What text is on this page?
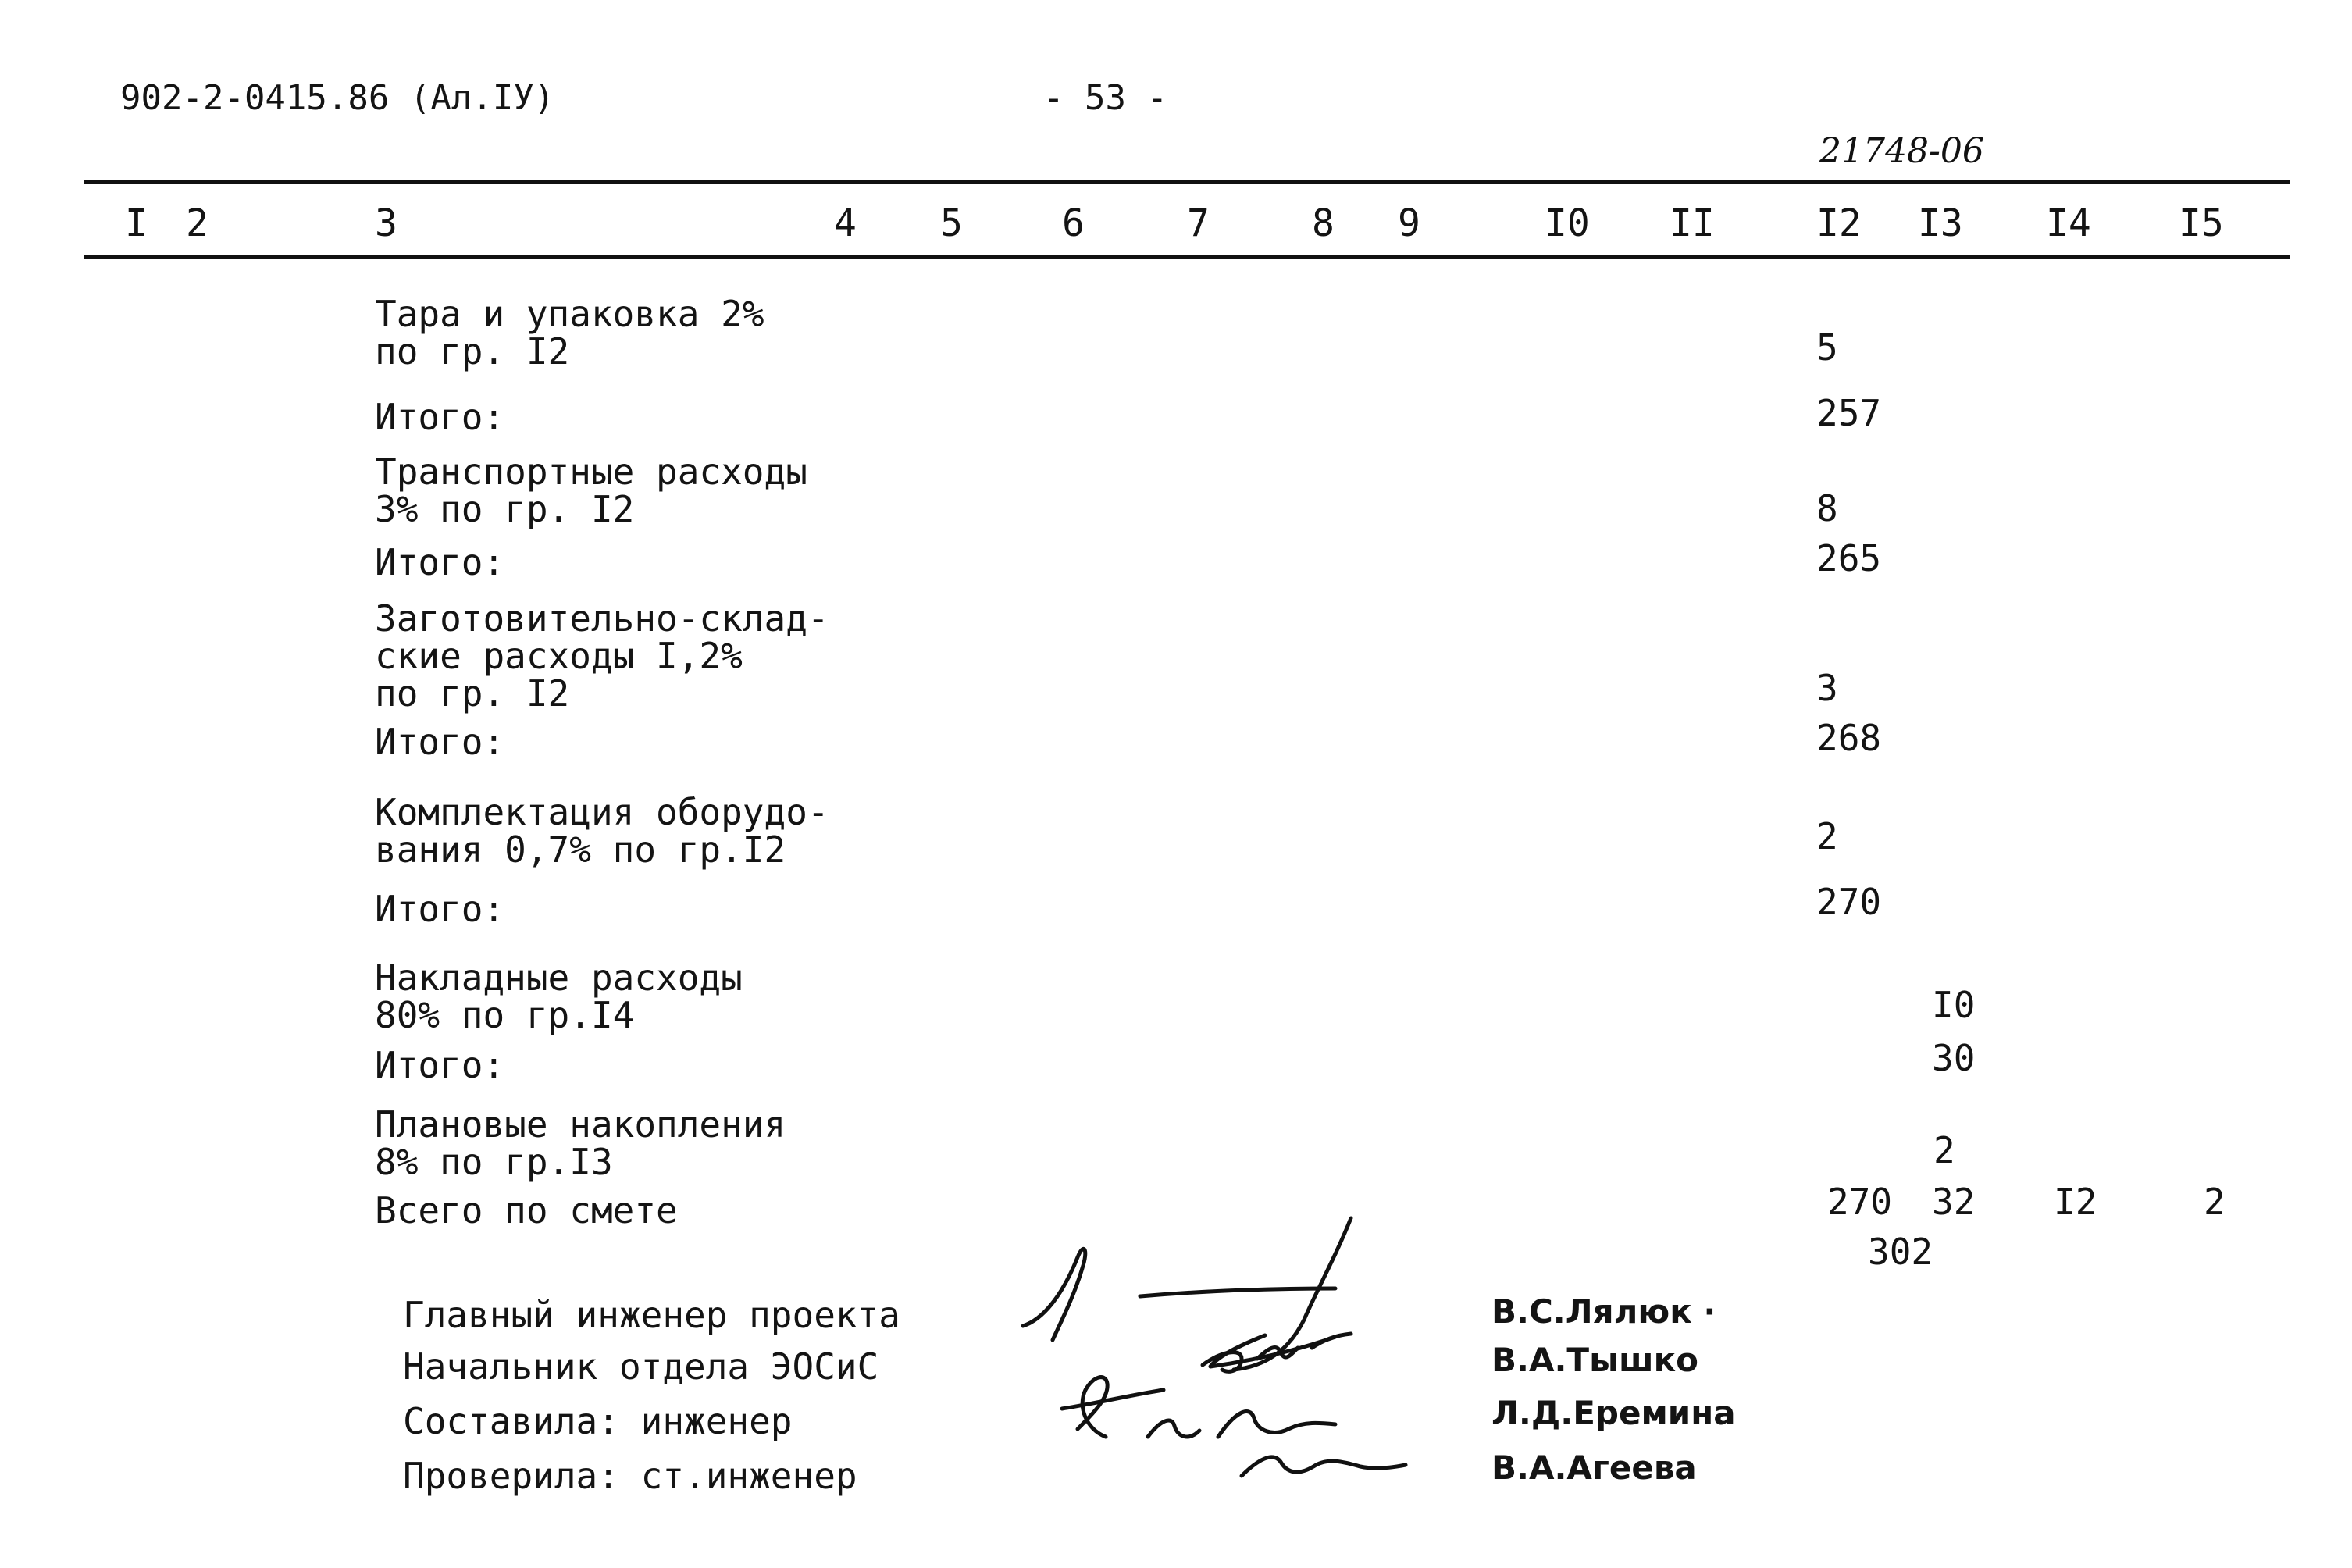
902-2-0415.86 (Ал.IУ)	- 53 -
21748-06
I 2	3	4 5	6	7	8 9	I0 II	I2 I3 I4 I5
Тара и упаковка 2%
по гр. I2	5
Итого:	257
Транспортные расходы
3% по гр. I2	8
Итого:	265
Заготовительно-склад-
ские расходы I,2%
по гр. I2	3
Итого:	268
Комплектация оборудо-
вания 0,7% по гр.I2	2
Итого:	270
Накладные расходы
80% по гр.I4	I0
Итого:	30
Плановые накопления
8% по гр.I3	2
Всего по смете	270 32 I2	2
302
Главный инженер проекта
Начальник отдела ЭОСиС
Составила: инженер
Проверила: ст.инженер
В.С.Лялюк ·
В.А.Тышко
Л.Д.Еремина
В.А.Агеева
